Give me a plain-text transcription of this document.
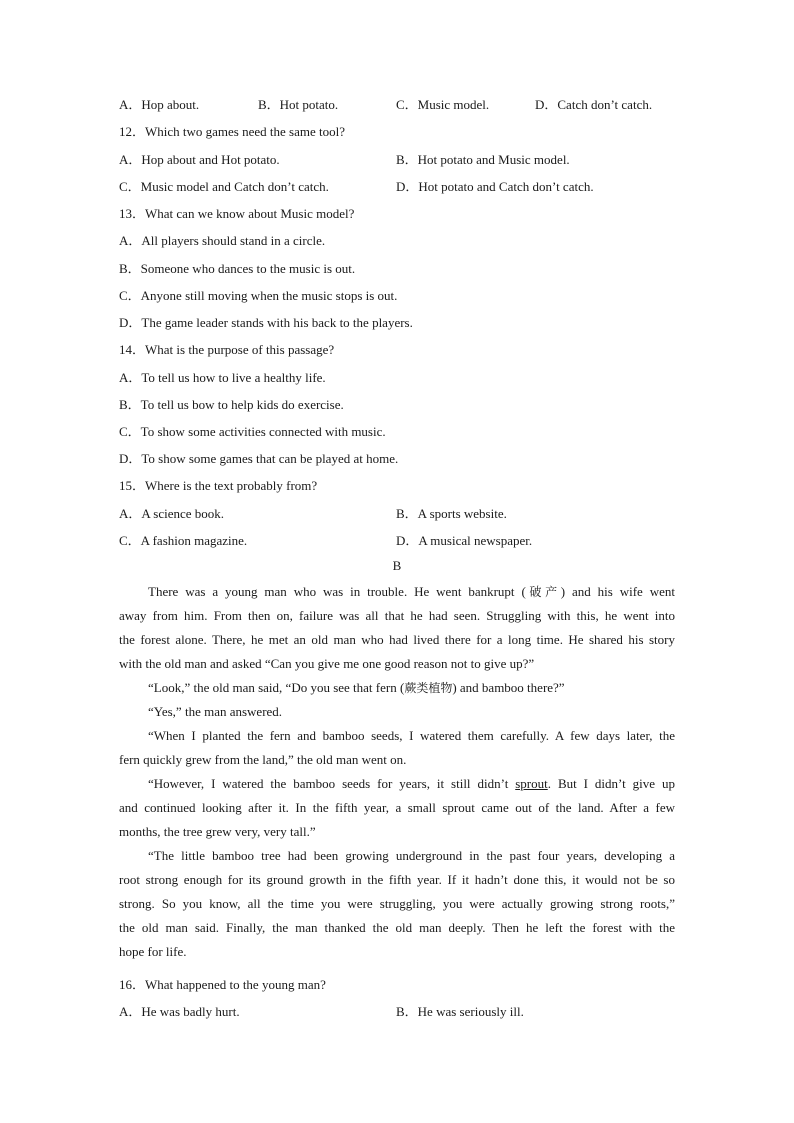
A．Hop about.	B．Hot potato.	C．Music model.	D．Catch don’t catch.
12．Which two games need the same tool?
A．Hop about and Hot potato.	B．Hot potato and Music model.
C．Music model and Catch don’t catch.	D．Hot potato and Catch don’t catch.
13．What can we know about Music model?
A．All players should stand in a circle.
B．Someone who dances to the music is out.
C．Anyone still moving when the music stops is out.
D．The game leader stands with his back to the players.
14．What is the purpose of this passage?
A．To tell us how to live a healthy life.
B．To tell us bow to help kids do exercise.
C．To show some activities connected with music.
D．To show some games that can be played at home.
15．Where is the text probably from?
A．A science book.	B．A sports website.
C．A fashion magazine.	D．A musical newspaper.
B
There was a young man who was in trouble. He went bankrupt (破产) and his wife went
away from him. From then on, failure was all that he had seen. Struggling with this, he went into
the forest alone. There, he met an old man who had lived there for a long time. He shared his story
with the old man and asked “Can you give me one good reason not to give up?”
“Look,” the old man said, “Do you see that fern (蕨类植物) and bamboo there?”
“Yes,” the man answered.
“When I planted the fern and bamboo seeds, I watered them carefully. A few days later, the
fern quickly grew from the land,” the old man went on.
“However, I watered the bamboo seeds for years, it still didn’t sprout. But I didn’t give up
and continued looking after it. In the fifth year, a small sprout came out of the land. After a few
months, the tree grew very, very tall.”
“The little bamboo tree had been growing underground in the past four years, developing a
root strong enough for its ground growth in the fifth year. If it hadn’t done this, it would not be so
strong. So you know, all the time you were struggling, you were actually growing strong roots,”
the old man said. Finally, the man thanked the old man deeply. Then he left the forest with the
hope for life.
16．What happened to the young man?
A．He was badly hurt.	B．He was seriously ill.
